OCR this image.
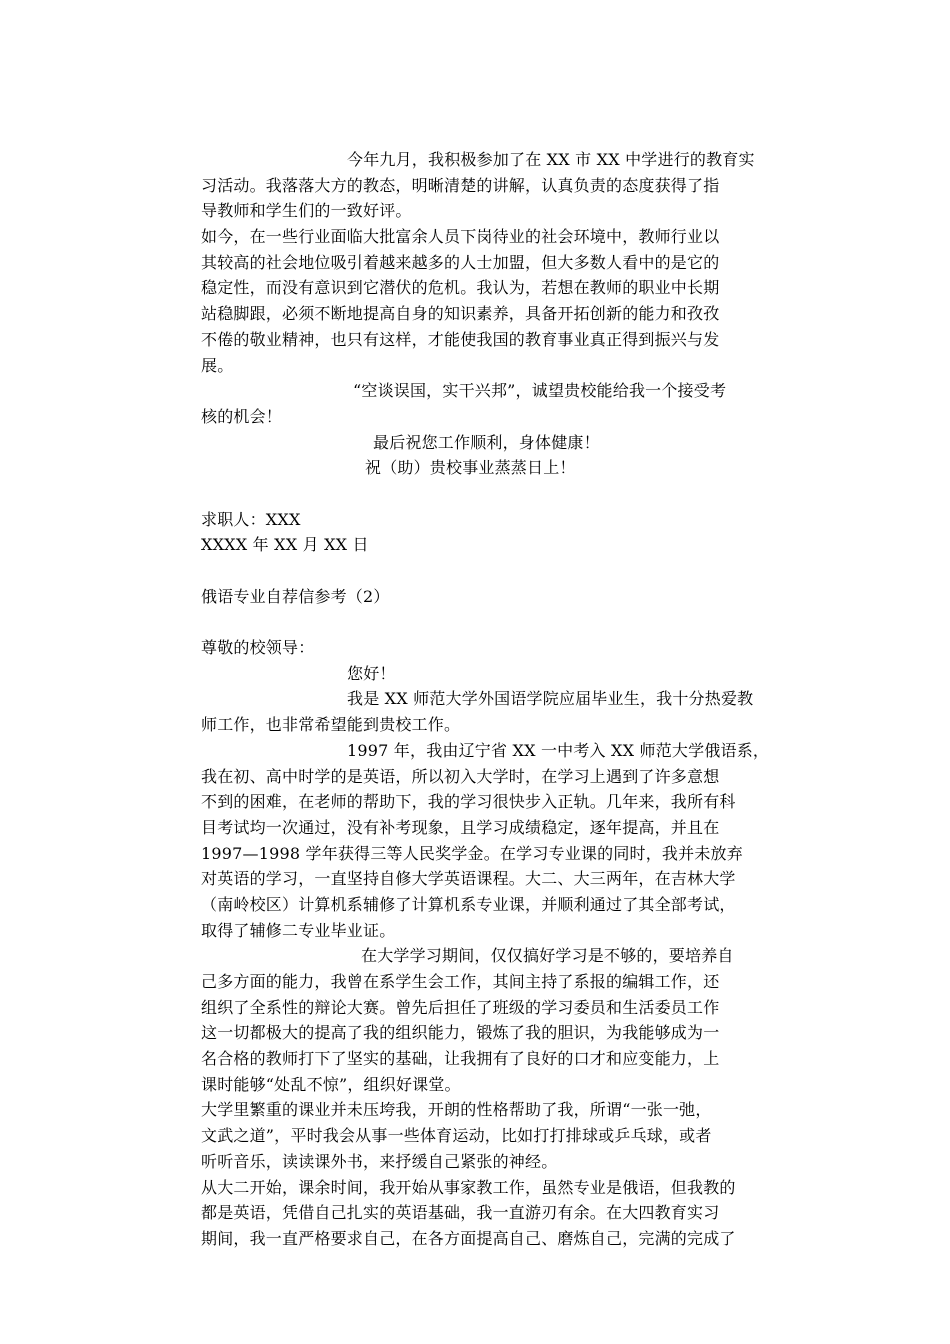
今年九月，我积极参加了在 XX 市 XX 中学进行的教育实
习活动。我落落大方的教态，明晰清楚的讲解，认真负责的态度获得了指
导教师和学生们的一致好评。
如今，在一些行业面临大批富余人员下岗待业的社会环境中，教师行业以
其较高的社会地位吸引着越来越多的人士加盟，但大多数人看中的是它的
稳定性，而没有意识到它潜伏的危机。我认为，若想在教师的职业中长期
站稳脚跟，必须不断地提高自身的知识素养，具备开拓创新的能力和孜孜
不倦的敬业精神，也只有这样，才能使我国的教育事业真正得到振兴与发
展。
“空谈误国，实干兴邦”，诚望贵校能给我一个接受考
核的机会！
最后祝您工作顺利，身体健康！
祝（助）贵校事业蒸蒸日上！
求职人：XXX
XXXX 年 XX 月 XX 日
俄语专业自荐信参考（2）
尊敬的校领导：
您好！
我是 XX 师范大学外国语学院应届毕业生，我十分热爱教
师工作，也非常希望能到贵校工作。
1997 年，我由辽宁省 XX 一中考入 XX 师范大学俄语系，
我在初、高中时学的是英语，所以初入大学时，在学习上遇到了许多意想
不到的困难，在老师的帮助下，我的学习很快步入正轨。几年来，我所有科
目考试均一次通过，没有补考现象，且学习成绩稳定，逐年提高，并且在
1997—1998 学年获得三等人民奖学金。在学习专业课的同时，我并未放弃
对英语的学习，一直坚持自修大学英语课程。大二、大三两年，在吉林大学
（南岭校区）计算机系辅修了计算机系专业课，并顺利通过了其全部考试，
取得了辅修二专业毕业证。
在大学学习期间，仅仅搞好学习是不够的，要培养自
己多方面的能力，我曾在系学生会工作，其间主持了系报的编辑工作，还
组织了全系性的辩论大赛。曾先后担任了班级的学习委员和生活委员工作
这一切都极大的提高了我的组织能力，锻炼了我的胆识，为我能够成为一
名合格的教师打下了坚实的基础，让我拥有了良好的口才和应变能力，上
课时能够“处乱不惊”，组织好课堂。
大学里繁重的课业并未压垮我，开朗的性格帮助了我，所谓“一张一弛，
文武之道”，平时我会从事一些体育运动，比如打打排球或乒乓球，或者
听听音乐，读读课外书，来抒缓自己紧张的神经。
从大二开始，课余时间，我开始从事家教工作，虽然专业是俄语，但我教的
都是英语，凭借自己扎实的英语基础，我一直游刃有余。在大四教育实习
期间，我一直严格要求自己，在各方面提高自己、磨炼自己，完满的完成了
